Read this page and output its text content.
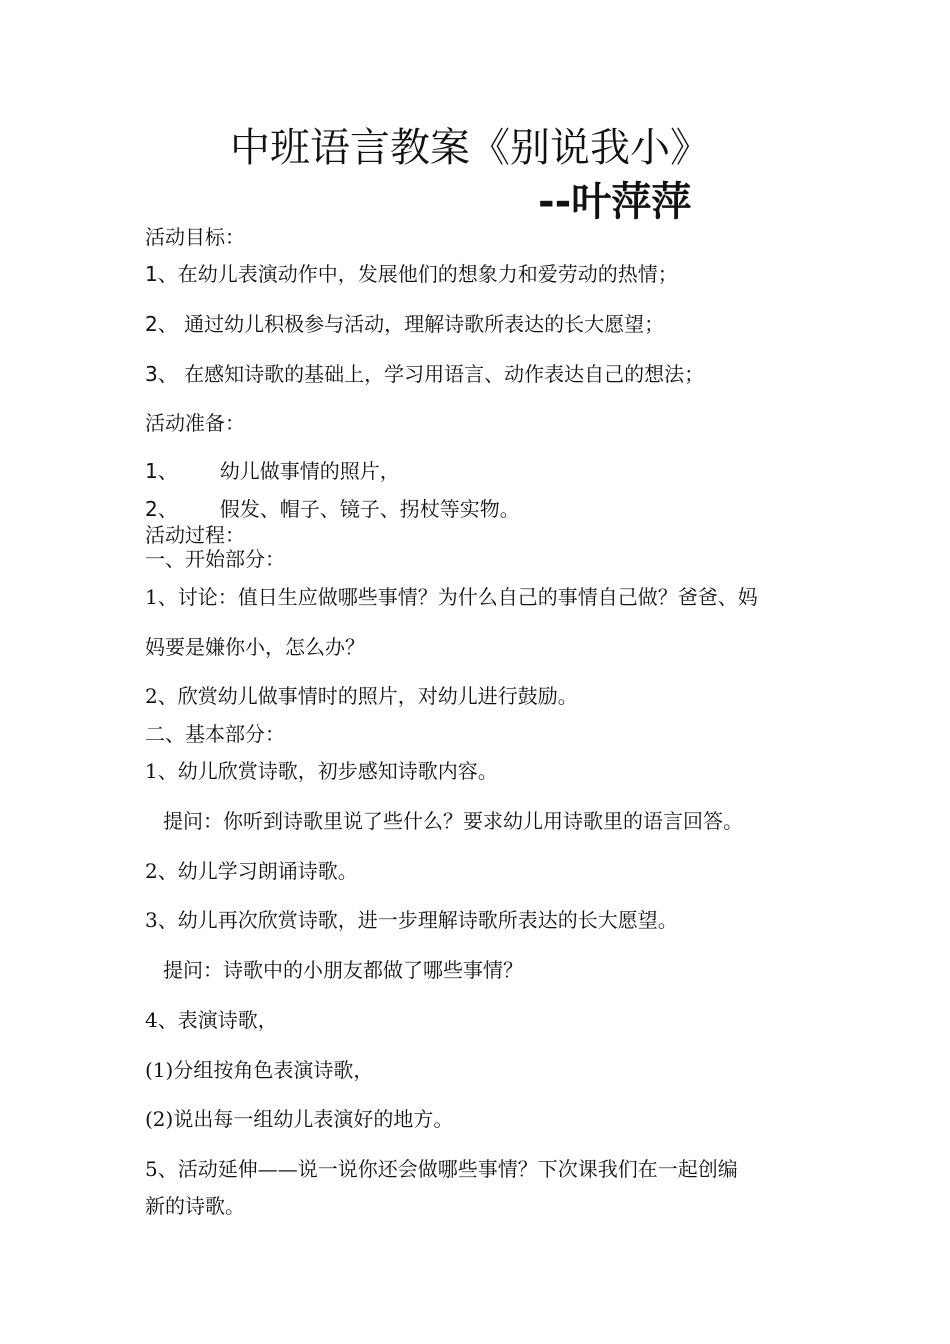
中班语言教案《别说我小》
--叶萍萍
活动目标：
1、在幼儿表演动作中，发展他们的想象力和爱劳动的热情；
2、 通过幼儿积极参与活动，理解诗歌所表达的长大愿望；
3、 在感知诗歌的基础上，学习用语言、动作表达自己的想法；
活动准备：
1、 幼儿做事情的照片，
2、 假发、帽子、镜子、拐杖等实物。
活动过程：
一、开始部分：
1、讨论：值日生应做哪些事情？为什么自己的事情自己做？爸爸、妈
妈要是嫌你小，怎么办？
2、欣赏幼儿做事情时的照片，对幼儿进行鼓励。
二、基本部分：
1、幼儿欣赏诗歌，初步感知诗歌内容。
提问：你听到诗歌里说了些什么？要求幼儿用诗歌里的语言回答。
2、幼儿学习朗诵诗歌。
3、幼儿再次欣赏诗歌，进一步理解诗歌所表达的长大愿望。
提问：诗歌中的小朋友都做了哪些事情？
4、表演诗歌，
(1)分组按角色表演诗歌，
(2)说出每一组幼儿表演好的地方。
5、活动延伸——说一说你还会做哪些事情？下次课我们在一起创编
新的诗歌。
